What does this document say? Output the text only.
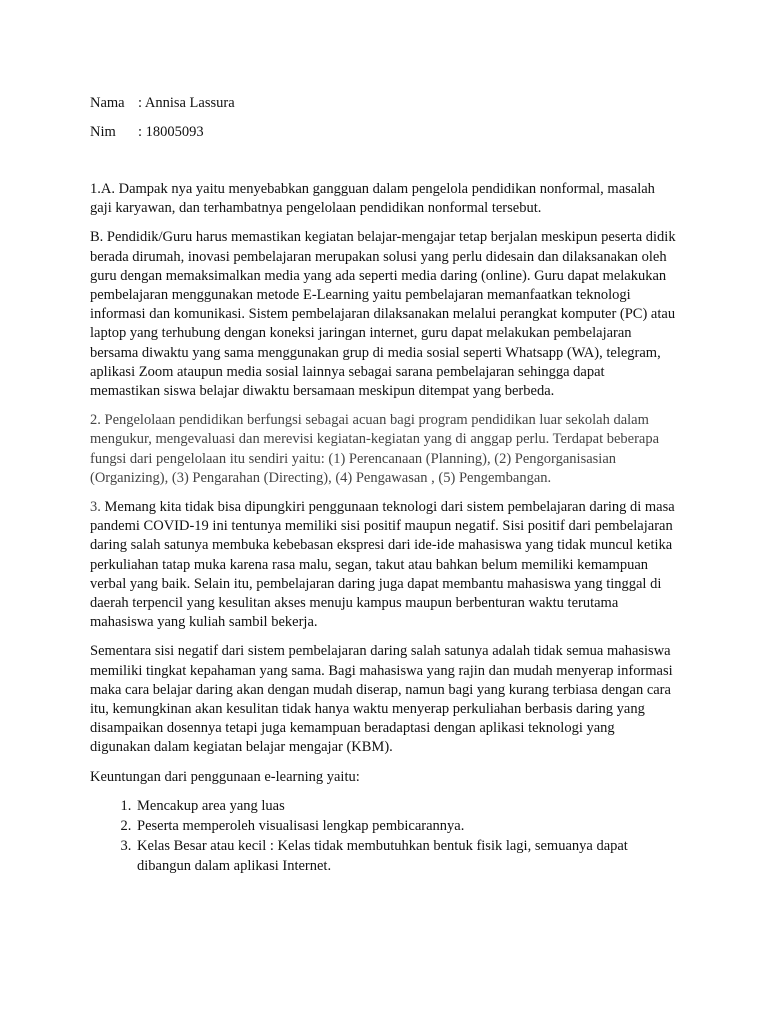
Nama : Annisa Lassura
Nim : 18005093

1.A. Dampak nya yaitu menyebabkan gangguan dalam pengelola pendidikan nonformal, masalah gaji karyawan, dan terhambatnya pengelolaan pendidikan nonformal tersebut.

B. Pendidik/Guru harus memastikan kegiatan belajar-mengajar tetap berjalan meskipun peserta didik berada dirumah, inovasi pembelajaran merupakan solusi yang perlu didesain dan dilaksanakan oleh guru dengan memaksimalkan media yang ada seperti media daring (online). Guru dapat melakukan pembelajaran menggunakan metode E-Learning yaitu pembelajaran memanfaatkan teknologi informasi dan komunikasi. Sistem pembelajaran dilaksanakan melalui perangkat komputer (PC) atau laptop yang terhubung dengan koneksi jaringan internet, guru dapat melakukan pembelajaran bersama diwaktu yang sama menggunakan grup di media sosial seperti Whatsapp (WA), telegram, aplikasi Zoom ataupun media sosial lainnya sebagai sarana pembelajaran sehingga dapat memastikan siswa belajar diwaktu bersamaan meskipun ditempat yang berbeda.

2. Pengelolaan pendidikan berfungsi sebagai acuan bagi program pendidikan luar sekolah dalam mengukur, mengevaluasi dan merevisi kegiatan-kegiatan yang di anggap perlu. Terdapat beberapa fungsi dari pengelolaan itu sendiri yaitu: (1) Perencanaan (Planning), (2) Pengorganisasian (Organizing), (3) Pengarahan (Directing), (4) Pengawasan , (5) Pengembangan.

3. Memang kita tidak bisa dipungkiri penggunaan teknologi dari sistem pembelajaran daring di masa pandemi COVID-19 ini tentunya memiliki sisi positif maupun negatif. Sisi positif dari pembelajaran daring salah satunya membuka kebebasan ekspresi dari ide-ide mahasiswa yang tidak muncul ketika perkuliahan tatap muka karena rasa malu, segan, takut atau bahkan belum memiliki kemampuan verbal yang baik. Selain itu, pembelajaran daring juga dapat membantu mahasiswa yang tinggal di daerah terpencil yang kesulitan akses menuju kampus maupun berbenturan waktu terutama mahasiswa yang kuliah sambil bekerja.

Sementara sisi negatif dari sistem pembelajaran daring salah satunya adalah tidak semua mahasiswa memiliki tingkat kepahaman yang sama. Bagi mahasiswa yang rajin dan mudah menyerap informasi maka cara belajar daring akan dengan mudah diserap, namun bagi yang kurang terbiasa dengan cara itu, kemungkinan akan kesulitan tidak hanya waktu menyerap perkuliahan berbasis daring yang disampaikan dosennya tetapi juga kemampuan beradaptasi dengan aplikasi teknologi yang digunakan dalam kegiatan belajar mengajar (KBM).

Keuntungan dari penggunaan e-learning yaitu:

1. Mencakup area yang luas
2. Peserta memperoleh visualisasi lengkap pembicarannya.
3. Kelas Besar atau kecil : Kelas tidak membutuhkan bentuk fisik lagi, semuanya dapat dibangun dalam aplikasi Internet.
